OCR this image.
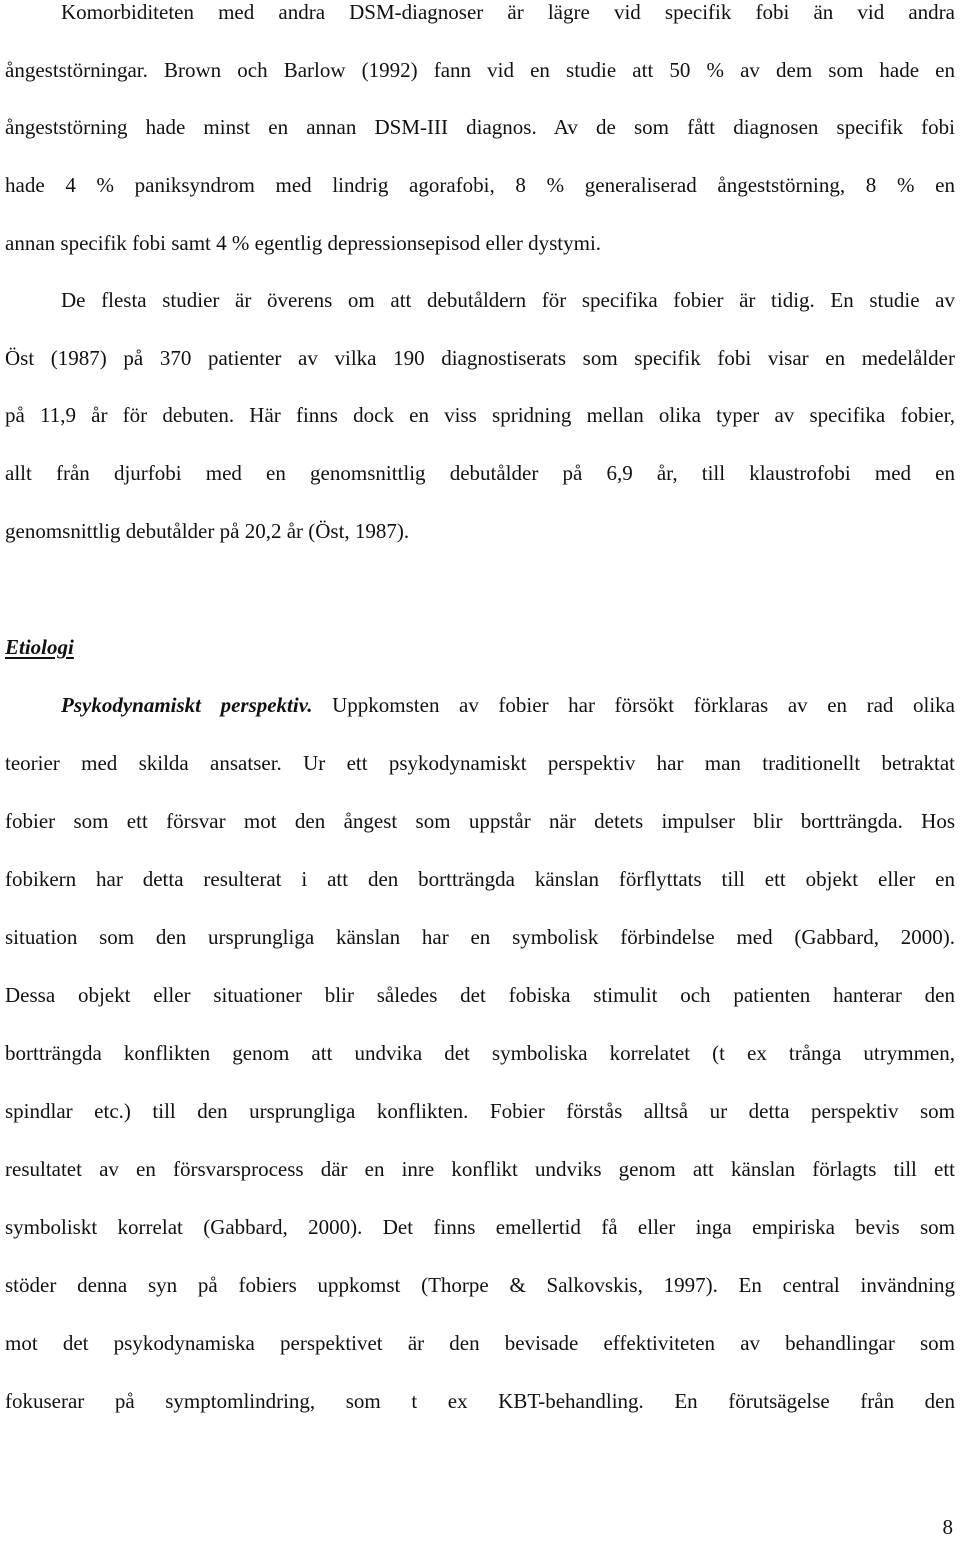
Komorbiditeten med andra DSM-diagnoser är lägre vid specifik fobi än vid andra
ångeststörningar. Brown och Barlow (1992) fann vid en studie att 50 % av dem som hade en
ångeststörning hade minst en annan DSM-III diagnos. Av de som fått diagnosen specifik fobi
hade 4 % paniksyndrom med lindrig agorafobi, 8 % generaliserad ångeststörning, 8 % en
annan specifik fobi samt 4 % egentlig depressionsepisod eller dystymi.
De flesta studier är överens om att debutåldern för specifika fobier är tidig. En studie av
Öst (1987) på 370 patienter av vilka 190 diagnostiserats som specifik fobi visar en medelålder
på 11,9 år för debuten. Här finns dock en viss spridning mellan olika typer av specifika fobier,
allt från djurfobi med en genomsnittlig debutålder på 6,9 år, till klaustrofobi med en
genomsnittlig debutålder på 20,2 år (Öst, 1987).
Etiologi
Psykodynamiskt perspektiv. Uppkomsten av fobier har försökt förklaras av en rad olika
teorier med skilda ansatser. Ur ett psykodynamiskt perspektiv har man traditionellt betraktat
fobier som ett försvar mot den ångest som uppstår när detets impulser blir bortträngda. Hos
fobikern har detta resulterat i att den bortträngda känslan förflyttats till ett objekt eller en
situation som den ursprungliga känslan har en symbolisk förbindelse med (Gabbard, 2000).
Dessa objekt eller situationer blir således det fobiska stimulit och patienten hanterar den
bortträngda konflikten genom att undvika det symboliska korrelatet (t ex trånga utrymmen,
spindlar etc.) till den ursprungliga konflikten. Fobier förstås alltså ur detta perspektiv som
resultatet av en försvarsprocess där en inre konflikt undviks genom att känslan förlagts till ett
symboliskt korrelat (Gabbard, 2000). Det finns emellertid få eller inga empiriska bevis som
stöder denna syn på fobiers uppkomst (Thorpe & Salkovskis, 1997). En central invändning
mot det psykodynamiska perspektivet är den bevisade effektiviteten av behandlingar som
fokuserar på symptomlindring, som t ex KBT-behandling. En förutsägelse från den
8
